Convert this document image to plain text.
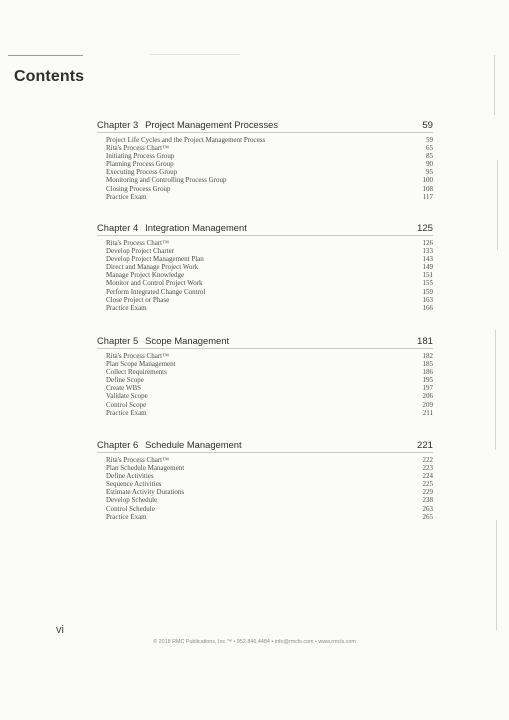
Contents
Chapter 3 Project Management Processes	59
Project Life Cycles and the Project Management Process	59
Rita's Process Chart™	65
Initiating Process Group	85
Planning Process Group	90
Executing Process Group	95
Monitoring and Controlling Process Group	100
Closing Process Group	108
Practice Exam	117
Chapter 4 Integration Management	125
Rita's Process Chart™	126
Develop Project Charter	133
Develop Project Management Plan	143
Direct and Manage Project Work	149
Manage Project Knowledge	151
Monitor and Control Project Work	155
Perform Integrated Change Control	159
Close Project or Phase	163
Practice Exam	166
Chapter 5 Scope Management	181
Rita's Process Chart™	182
Plan Scope Management	185
Collect Requirements	186
Define Scope	195
Create WBS	197
Validate Scope	206
Control Scope	209
Practice Exam	211
Chapter 6 Schedule Management	221
Rita's Process Chart™	222
Plan Schedule Management	223
Define Activities	224
Sequence Activities	225
Estimate Activity Durations	229
Develop Schedule	238
Control Schedule	263
Practice Exam	265
vi
© 2018 RMC Publications, Inc.™ • 952.846.4484 • info@rmcls.com • www.rmcls.com
